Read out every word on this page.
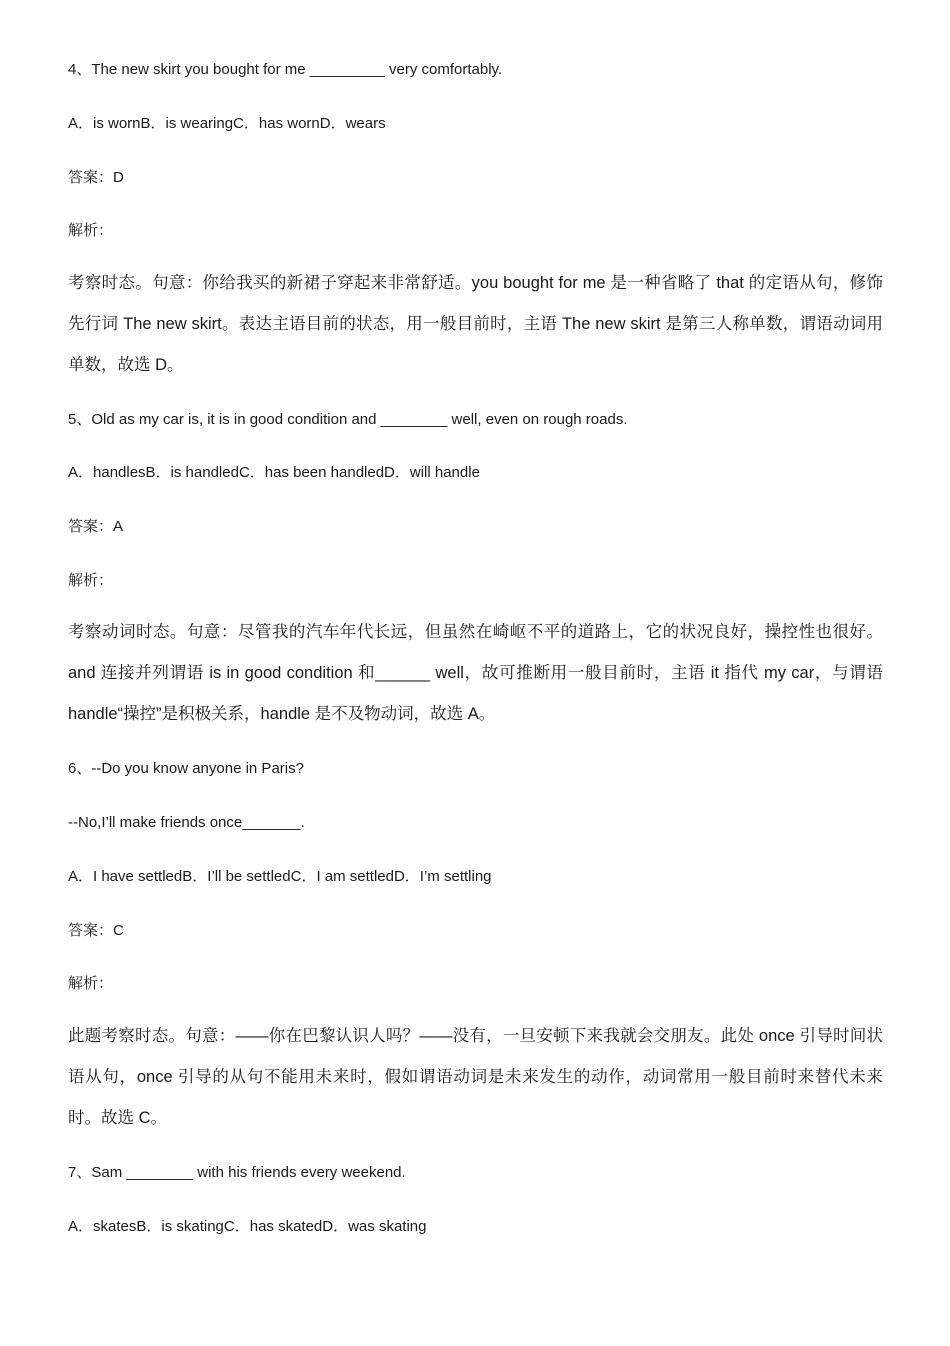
4、The new skirt you bought for me _________ very comfortably.
A．is wornB．is wearingC．has wornD．wears
答案：D
解析：
考察时态。句意：你给我买的新裙子穿起来非常舒适。you bought for me 是一种省略了 that 的定语从句，修饰先行词 The new skirt。表达主语目前的状态，用一般目前时，主语 The new skirt 是第三人称单数，谓语动词用单数，故选 D。
5、Old as my car is, it is in good condition and ________ well, even on rough roads.
A．handlesB．is handledC．has been handledD．will handle
答案：A
解析：
考察动词时态。句意：尽管我的汽车年代长远，但虽然在崎岖不平的道路上，它的状况良好，操控性也很好。and 连接并列谓语 is in good condition 和______ well，故可推断用一般目前时，主语 it 指代 my car，与谓语 handle“操控”是积极关系，handle 是不及物动词，故选 A。
6、--Do you know anyone in Paris?
--No,I’ll make friends once_______.
A．I have settledB．I’ll be settledC．I am settledD．I’m settling
答案：C
解析：
此题考察时态。句意：——你在巴黎认识人吗？——没有，一旦安顿下来我就会交朋友。此处 once 引导时间状语从句，once 引导的从句不能用未来时，假如谓语动词是未来发生的动作，动词常用一般目前时来替代未来时。故选 C。
7、Sam ________ with his friends every weekend.
A．skatesB．is skatingC．has skatedD．was skating
